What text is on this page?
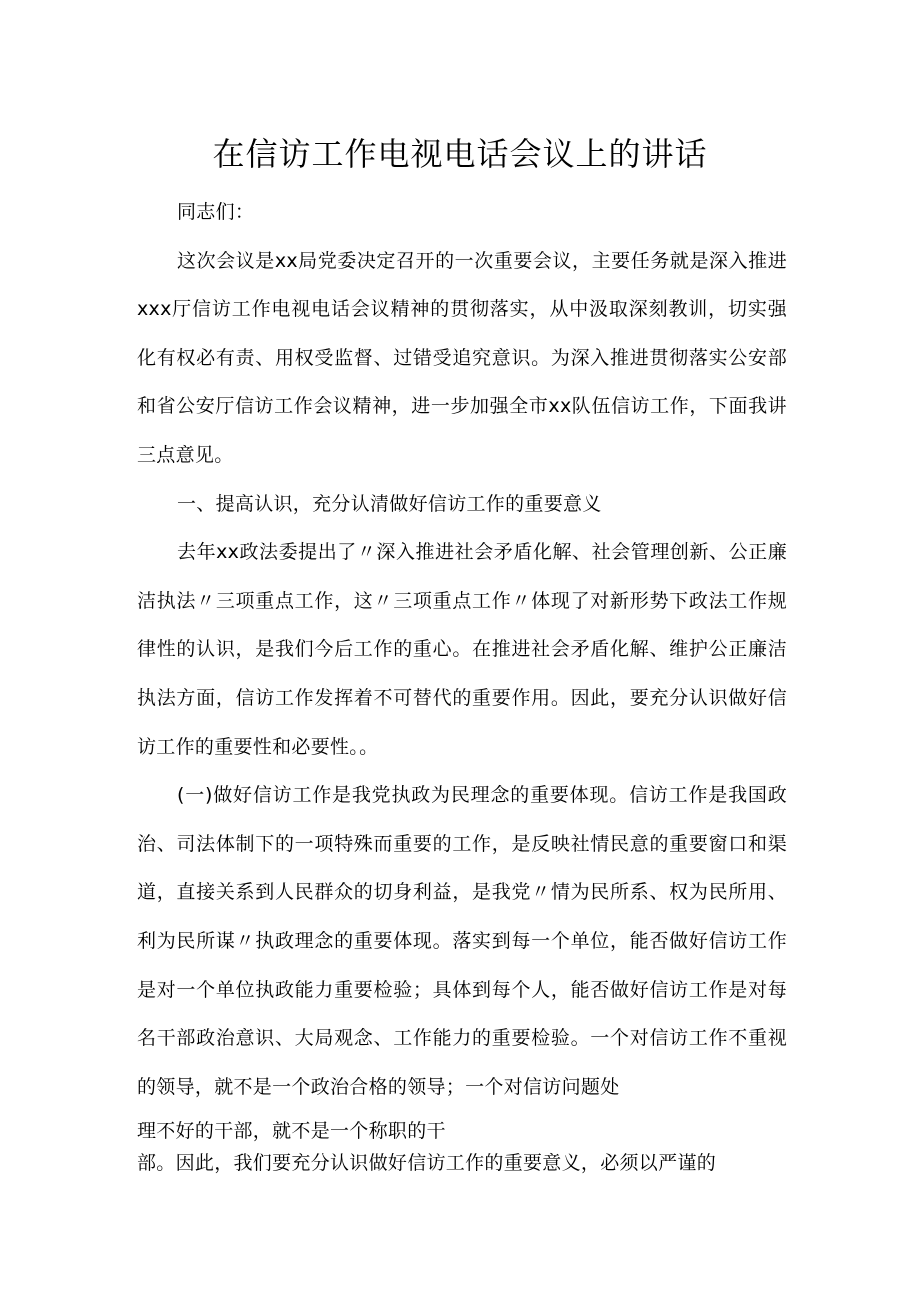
在信访工作电视电话会议上的讲话

同志们：

这次会议是xx局党委决定召开的一次重要会议，主要任务就是深入推进xxx厅信访工作电视电话会议精神的贯彻落实，从中汲取深刻教训，切实强化有权必有责、用权受监督、过错受追究意识。为深入推进贯彻落实公安部和省公安厅信访工作会议精神，进一步加强全市xx队伍信访工作，下面我讲三点意见。

一、提高认识，充分认清做好信访工作的重要意义

去年xx政法委提出了〃深入推进社会矛盾化解、社会管理创新、公正廉洁执法〃三项重点工作，这〃三项重点工作〃体现了对新形势下政法工作规律性的认识，是我们今后工作的重心。在推进社会矛盾化解、维护公正廉洁执法方面，信访工作发挥着不可替代的重要作用。因此，要充分认识做好信访工作的重要性和必要性。。

(一)做好信访工作是我党执政为民理念的重要体现。信访工作是我国政治、司法体制下的一项特殊而重要的工作，是反映社情民意的重要窗口和渠道，直接关系到人民群众的切身利益，是我党〃情为民所系、权为民所用、利为民所谋〃执政理念的重要体现。落实到每一个单位，能否做好信访工作是对一个单位执政能力重要检验；具体到每个人，能否做好信访工作是对每名干部政治意识、大局观念、工作能力的重要检验。一个对信访工作不重视的领导，就不是一个政治合格的领导；一个对信访问题处

理不好的干部，就不是一个称职的干

部。因此，我们要充分认识做好信访工作的重要意义，必须以严谨的
